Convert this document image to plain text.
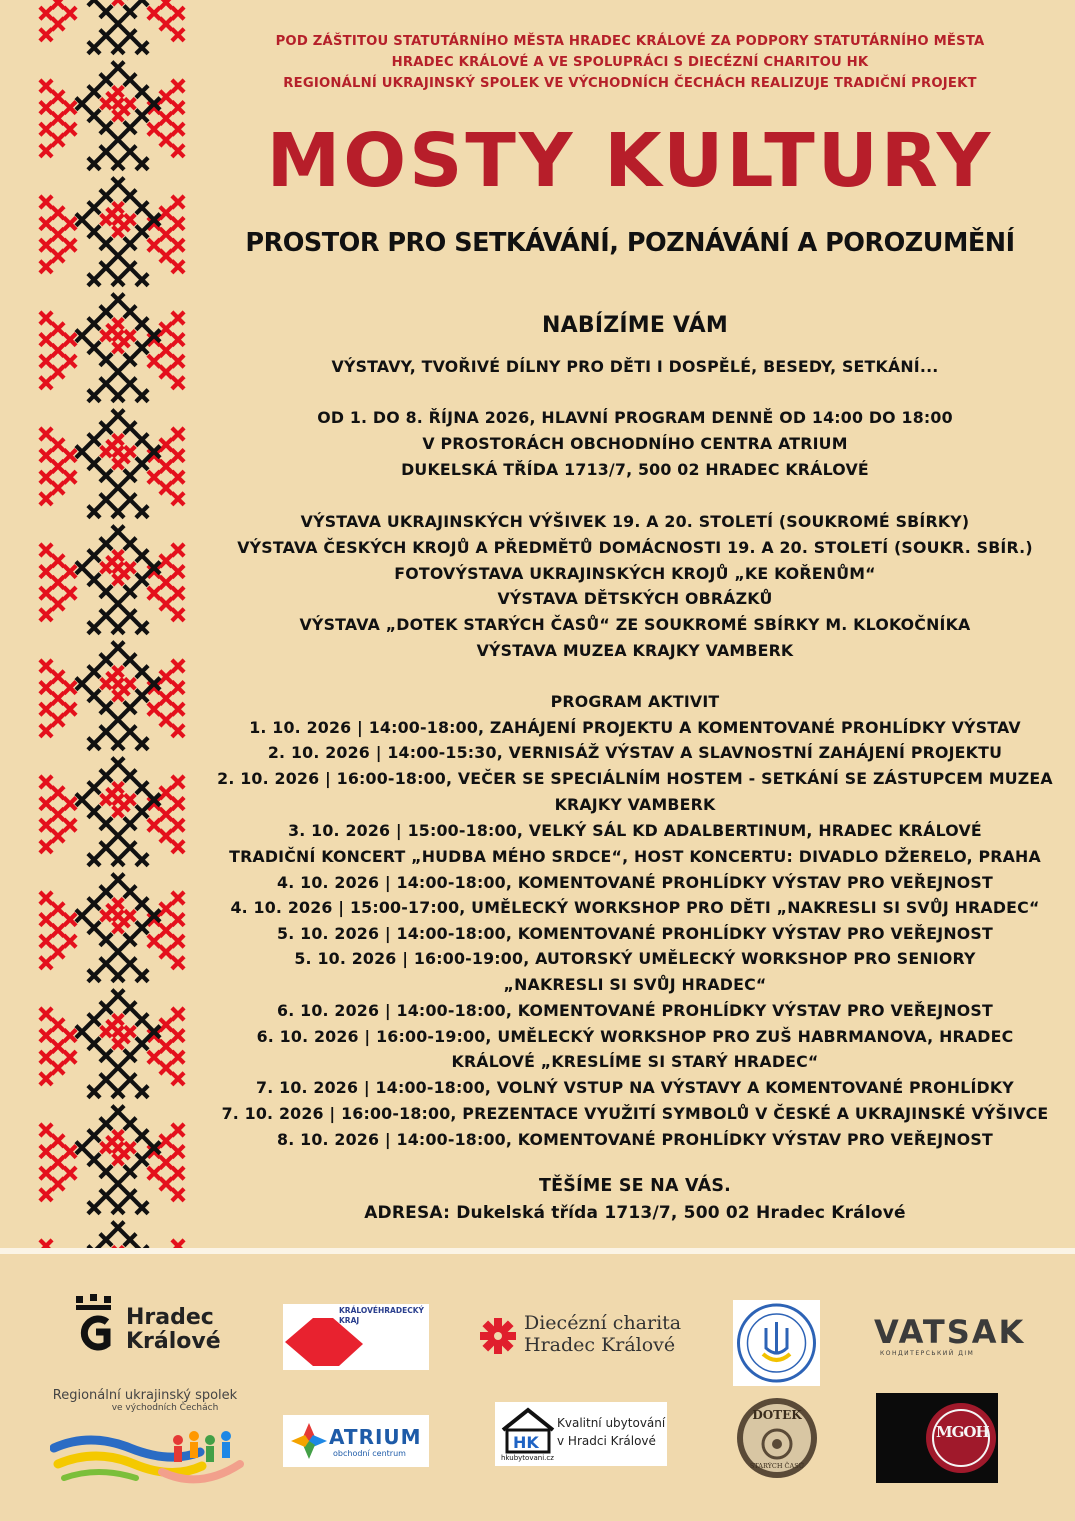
POD ZÁŠTITOU STATUTÁRNÍHO MĚSTA HRADEC KRÁLOVÉ ZA PODPORY STATUTÁRNÍHO MĚSTA
HRADEC KRÁLOVÉ A VE SPOLUPRÁCI S DIECÉZNÍ CHARITOU HK
REGIONÁLNÍ UKRAJINSKÝ SPOLEK VE VÝCHODNÍCH ČECHÁCH REALIZUJE TRADIČNÍ PROJEKT
MOSTY KULTURY
PROSTOR PRO SETKÁVÁNÍ, POZNÁVÁNÍ A POROZUMĚNÍ
NABÍZÍME VÁM
VÝSTAVY, TVOŘIVÉ DÍLNY PRO DĚTI I DOSPĚLÉ, BESEDY, SETKÁNÍ...
OD 1. DO 8. ŘÍJNA 2026, HLAVNÍ PROGRAM DENNĚ OD 14:00 DO 18:00
V PROSTORÁCH OBCHODNÍHO CENTRA ATRIUM
DUKELSKÁ TŘÍDA 1713/7, 500 02 HRADEC KRÁLOVÉ
VÝSTAVA UKRAJINSKÝCH VÝŠIVEK 19. A 20. STOLETÍ (SOUKROMÉ SBÍRKY)
VÝSTAVA ČESKÝCH KROJŮ A PŘEDMĚTŮ DOMÁCNOSTI 19. A 20. STOLETÍ (SOUKR. SBÍR.)
FOTOVÝSTAVA UKRAJINSKÝCH KROJŮ „KE KOŘENŮM“
VÝSTAVA DĚTSKÝCH OBRÁZKŮ
VÝSTAVA „DOTEK STARÝCH ČASŮ“ ZE SOUKROMÉ SBÍRKY M. KLOKOČNÍKA
VÝSTAVA MUZEA KRAJKY VAMBERK
PROGRAM AKTIVIT
1. 10. 2026 | 14:00-18:00, ZAHÁJENÍ PROJEKTU A KOMENTOVANÉ PROHLÍDKY VÝSTAV
2. 10. 2026 | 14:00-15:30, VERNISÁŽ VÝSTAV A SLAVNOSTNÍ ZAHÁJENÍ PROJEKTU
2. 10. 2026 | 16:00-18:00, VEČER SE SPECIÁLNÍM HOSTEM - SETKÁNÍ SE ZÁSTUPCEM MUZEA
KRAJKY VAMBERK
3. 10. 2026 | 15:00-18:00, VELKÝ SÁL KD ADALBERTINUM, HRADEC KRÁLOVÉ
TRADIČNÍ KONCERT „HUDBA MÉHO SRDCE“, HOST KONCERTU: DIVADLO DŽERELO, PRAHA
4. 10. 2026 | 14:00-18:00, KOMENTOVANÉ PROHLÍDKY VÝSTAV PRO VEŘEJNOST
4. 10. 2026 | 15:00-17:00, UMĚLECKÝ WORKSHOP PRO DĚTI „NAKRESLI SI SVŮJ HRADEC“
5. 10. 2026 | 14:00-18:00, KOMENTOVANÉ PROHLÍDKY VÝSTAV PRO VEŘEJNOST
5. 10. 2026 | 16:00-19:00, AUTORSKÝ UMĚLECKÝ WORKSHOP PRO SENIORY
„NAKRESLI SI SVŮJ HRADEC“
6. 10. 2026 | 14:00-18:00, KOMENTOVANÉ PROHLÍDKY VÝSTAV PRO VEŘEJNOST
6. 10. 2026 | 16:00-19:00, UMĚLECKÝ WORKSHOP PRO ZUŠ HABRMANOVA, HRADEC
KRÁLOVÉ „KRESLÍME SI STARÝ HRADEC“
7. 10. 2026 | 14:00-18:00, VOLNÝ VSTUP NA VÝSTAVY A KOMENTOVANÉ PROHLÍDKY
7. 10. 2026 | 16:00-18:00, PREZENTACE VYUŽITÍ SYMBOLŮ V ČESKÉ A UKRAJINSKÉ VÝŠIVCE
8. 10. 2026 | 14:00-18:00, KOMENTOVANÉ PROHLÍDKY VÝSTAV PRO VEŘEJNOST
TĚŠÍME SE NA VÁS.
ADRESA: Dukelská třída 1713/7, 500 02 Hradec Králové
Hradec
Králové
KRÁLOVÉHRADECKÝ
KRAJ	Diecézní charita
Hradec Králové	VATSAK
КОНДИТЕРСЬКИЙ ДІМ
Regionální ukrajinský spolek
ve východních Čechách
ATRIUM
obchodní centrum
HK
hkubytovani.cz
Kvalitní ubytování
v Hradci Králové
DOTEK
STARÝCH ČASŮ
MGOH
